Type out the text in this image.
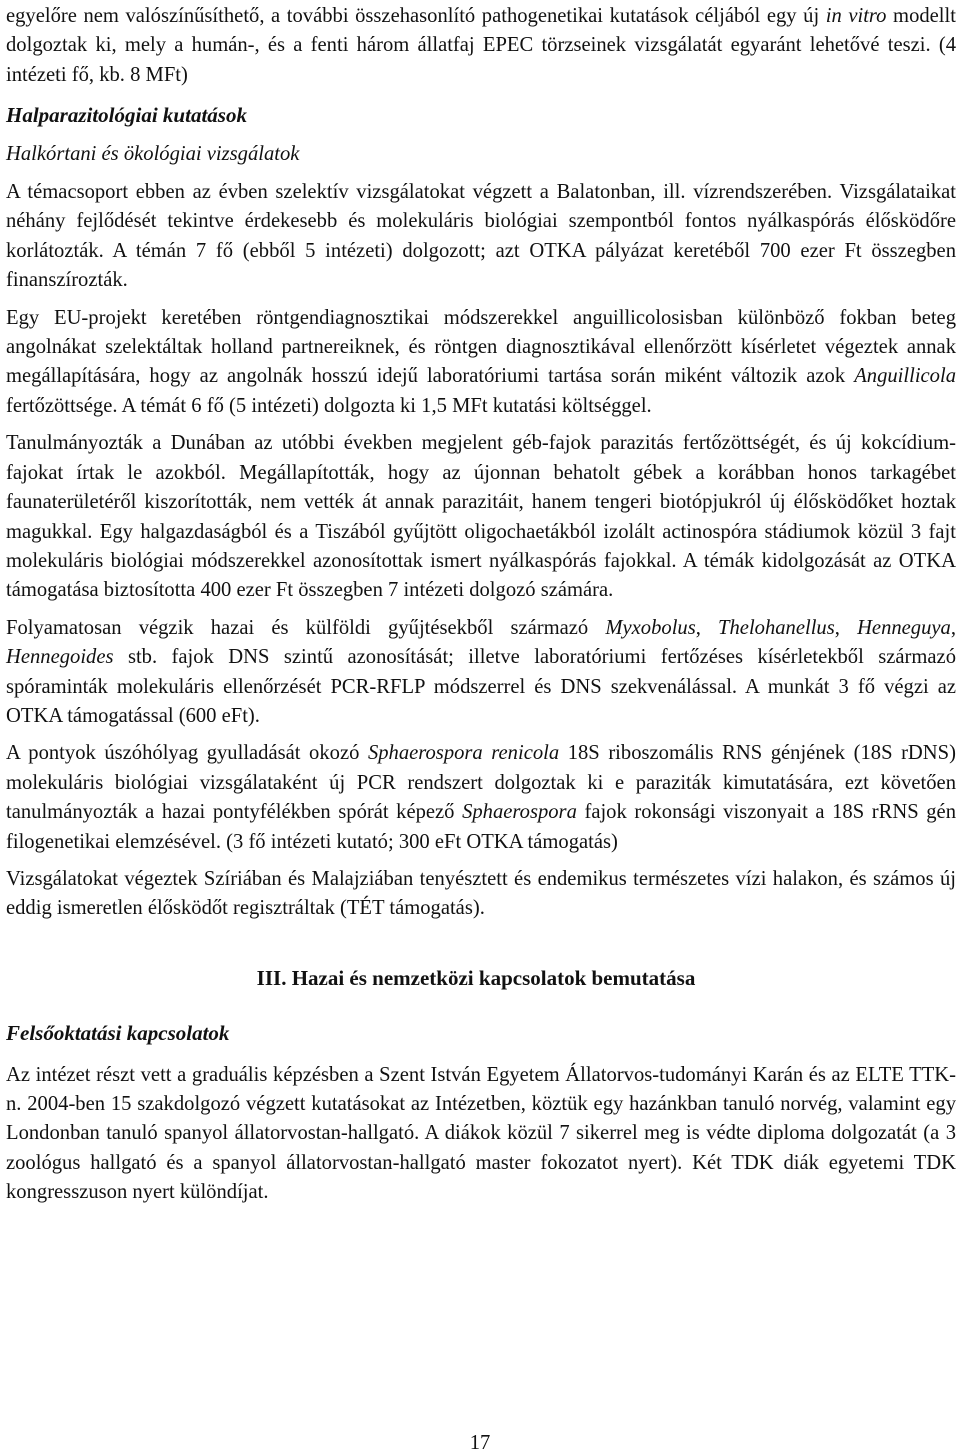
egyelőre nem valószínűsíthető, a további összehasonlító pathogenetikai kutatások céljából egy új in vitro modellt dolgoztak ki, mely a humán-, és a fenti három állatfaj EPEC törzseinek vizsgálatát egyaránt lehetővé teszi. (4 intézeti fő, kb. 8 MFt)

Halparazitológiai kutatások
Halkórtani és ökológiai vizsgálatok

A témacsoport ebben az évben szelektív vizsgálatokat végzett a Balatonban, ill. vízrendszerében. Vizsgálataikat néhány fejlődését tekintve érdekesebb és molekuláris biológiai szempontból fontos nyálkaspórás élősködőre korlátozták. A témán 7 fő (ebből 5 intézeti) dolgozott; azt OTKA pályázat keretéből 700 ezer Ft összegben finanszírozták.

Egy EU-projekt keretében röntgendiagnosztikai módszerekkel anguillicolosisban különböző fokban beteg angolnákat szelektáltak holland partnereiknek, és röntgen diagnosztikával ellenőrzött kísérletet végeztek annak megállapítására, hogy az angolnák hosszú idejű laboratóriumi tartása során miként változik azok Anguillicola fertőzöttsége. A témát 6 fő (5 intézeti) dolgozta ki 1,5 MFt kutatási költséggel.

Tanulmányozták a Dunában az utóbbi években megjelent géb-fajok parazitás fertőzöttségét, és új kokcídium-fajokat írtak le azokból. Megállapították, hogy az újonnan behatolt gébek a korábban honos tarkagébet faunaterületéről kiszorították, nem vették át annak parazitáit, hanem tengeri biotópjukról új élősködőket hoztak magukkal. Egy halgazdaságból és a Tiszából gyűjtött oligochaetákból izolált actinospóra stádiumok közül 3 fajt molekuláris biológiai módszerekkel azonosítottak ismert nyálkaspórás fajokkal. A témák kidolgozását az OTKA támogatása biztosította 400 ezer Ft összegben 7 intézeti dolgozó számára.

Folyamatosan végzik hazai és külföldi gyűjtésekből származó Myxobolus, Thelohanellus, Henneguya, Hennegoides stb. fajok DNS szintű azonosítását; illetve laboratóriumi fertőzéses kísérletekből származó spóraminták molekuláris ellenőrzését PCR-RFLP módszerrel és DNS szekvenálással. A munkát 3 fő végzi az OTKA támogatással (600 eFt).

A pontyok úszóhólyag gyulladását okozó Sphaerospora renicola 18S riboszomális RNS génjének (18S rDNS) molekuláris biológiai vizsgálataként új PCR rendszert dolgoztak ki e paraziták kimutatására, ezt követően tanulmányozták a hazai pontyfélékben spórát képező Sphaerospora fajok rokonsági viszonyait a 18S rRNS gén filogenetikai elemzésével. (3 fő intézeti kutató; 300 eFt OTKA támogatás)

Vizsgálatokat végeztek Szíriában és Malajziában tenyésztett és endemikus természetes vízi halakon, és számos új eddig ismeretlen élősködőt regisztráltak (TÉT támogatás).

III. Hazai és nemzetközi kapcsolatok bemutatása
Felsőoktatási kapcsolatok

Az intézet részt vett a graduális képzésben a Szent István Egyetem Állatorvos-tudományi Karán és az ELTE TTK-n. 2004-ben 15 szakdolgozó végzett kutatásokat az Intézetben, köztük egy hazánkban tanuló norvég, valamint egy Londonban tanuló spanyol állatorvostan-hallgató. A diákok közül 7 sikerrel meg is védte diploma dolgozatát (a 3 zoológus hallgató és a spanyol állatorvostan-hallgató master fokozatot nyert). Két TDK diák egyetemi TDK kongresszuson nyert különdíjat.

17
